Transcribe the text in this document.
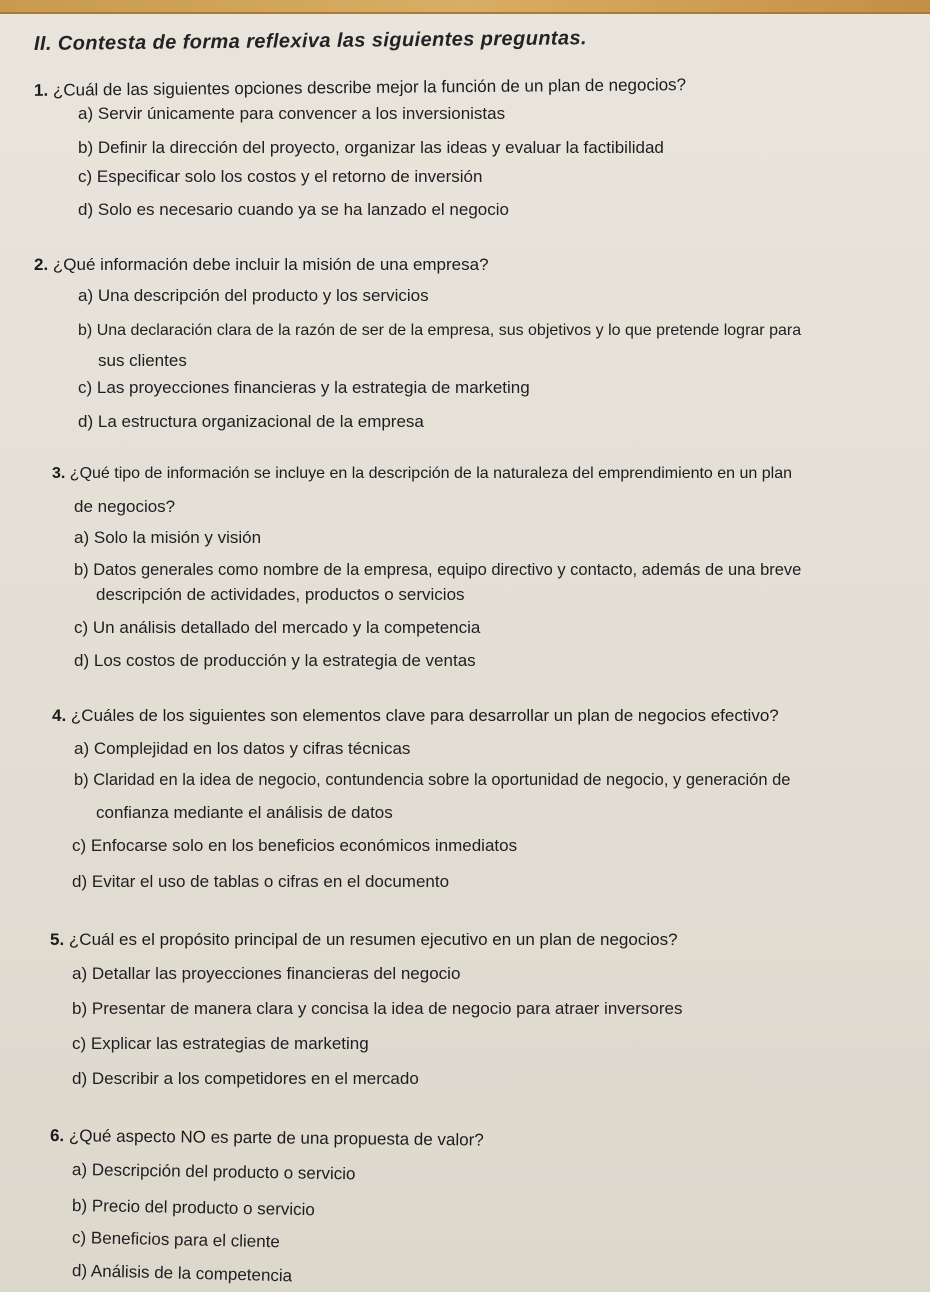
II. Contesta de forma reflexiva las siguientes preguntas.
1. ¿Cuál de las siguientes opciones describe mejor la función de un plan de negocios?
a) Servir únicamente para convencer a los inversionistas
b) Definir la dirección del proyecto, organizar las ideas y evaluar la factibilidad
c) Especificar solo los costos y el retorno de inversión
d) Solo es necesario cuando ya se ha lanzado el negocio
2. ¿Qué información debe incluir la misión de una empresa?
a) Una descripción del producto y los servicios
b) Una declaración clara de la razón de ser de la empresa, sus objetivos y lo que pretende lograr para
sus clientes
c) Las proyecciones financieras y la estrategia de marketing
d) La estructura organizacional de la empresa
3. ¿Qué tipo de información se incluye en la descripción de la naturaleza del emprendimiento en un plan
de negocios?
a) Solo la misión y visión
b) Datos generales como nombre de la empresa, equipo directivo y contacto, además de una breve
descripción de actividades, productos o servicios
c) Un análisis detallado del mercado y la competencia
d) Los costos de producción y la estrategia de ventas
4. ¿Cuáles de los siguientes son elementos clave para desarrollar un plan de negocios efectivo?
a) Complejidad en los datos y cifras técnicas
b) Claridad en la idea de negocio, contundencia sobre la oportunidad de negocio, y generación de
confianza mediante el análisis de datos
c) Enfocarse solo en los beneficios económicos inmediatos
d) Evitar el uso de tablas o cifras en el documento
5. ¿Cuál es el propósito principal de un resumen ejecutivo en un plan de negocios?
a) Detallar las proyecciones financieras del negocio
b) Presentar de manera clara y concisa la idea de negocio para atraer inversores
c) Explicar las estrategias de marketing
d) Describir a los competidores en el mercado
6. ¿Qué aspecto NO es parte de una propuesta de valor?
a) Descripción del producto o servicio
b) Precio del producto o servicio
c) Beneficios para el cliente
d) Análisis de la competencia
